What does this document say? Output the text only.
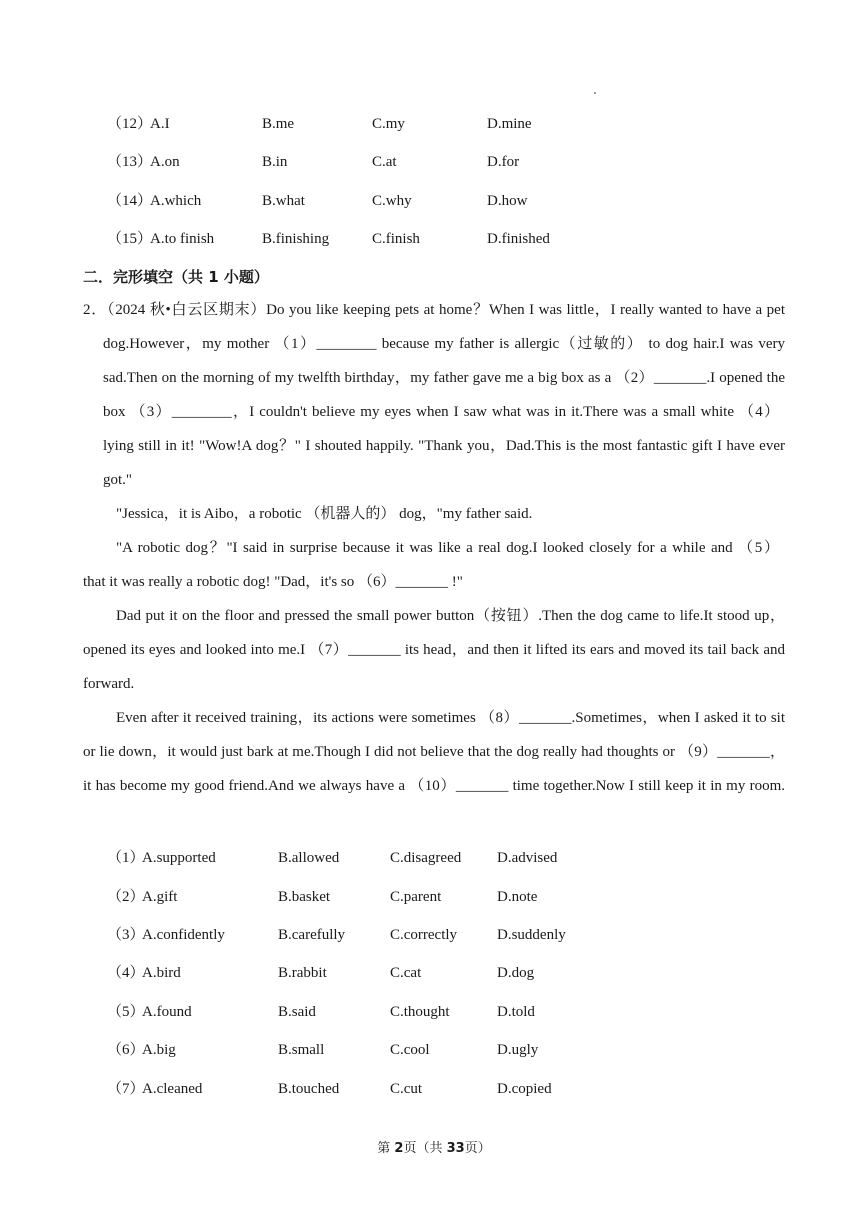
（12）
A.I	B.me	C.my	D.mine
（13）
A.on	B.in	C.at	D.for
（14）
A.which	B.what	C.why	D.how
（15）
A.to finish	B.finishing	C.finish	D.finished
二．完形填空（共 1 小题）
2．（2024 秋•白云区期末）Do you like keeping pets at home？When I was little，I really wanted to have a pet
dog.However，my mother （1）________ because my father is allergic（过敏的） to dog hair.I was very
sad.Then on the morning of my twelfth birthday，my father gave me a big box as a （2）_______.I opened the
box （3）________，I couldn't believe my eyes when I saw what was in it.There was a small white （4）
lying still in it! "Wow!A dog？" I shouted happily. "Thank you，Dad.This is the most fantastic gift I have ever
got."
"Jessica，it is Aibo，a robotic （机器人的） dog，"my father said.
"A robotic dog？"I said in surprise because it was like a real dog.I looked closely for a while and （5）
that it was really a robotic dog! "Dad，it's so （6）_______ !"
Dad put it on the floor and pressed the small power button（按钮）.Then the dog came to life.It stood up，
opened its eyes and looked into me.I （7）_______ its head，and then it lifted its ears and moved its tail back and
forward.
Even after it received training，its actions were sometimes （8）_______.Sometimes，when I asked it to sit
or lie down，it would just bark at me.Though I did not believe that the dog really had thoughts or （9）_______，
it has become my good friend.And we always have a （10）_______ time together.Now I still keep it in my room.
（1）
A.supported	B.allowed	C.disagreed D.advised
（2）
A.gift	B.basket	C.parent	D.note
（3）
A.confidently	B.carefully	C.correctly	D.suddenly
（4）
A.bird	B.rabbit	C.cat	D.dog
（5）
A.found	B.said	C.thought	D.told
（6）
A.big	B.small	C.cool	D.ugly
（7）
A.cleaned	B.touched	C.cut	D.copied
第 2页（共 33页）
